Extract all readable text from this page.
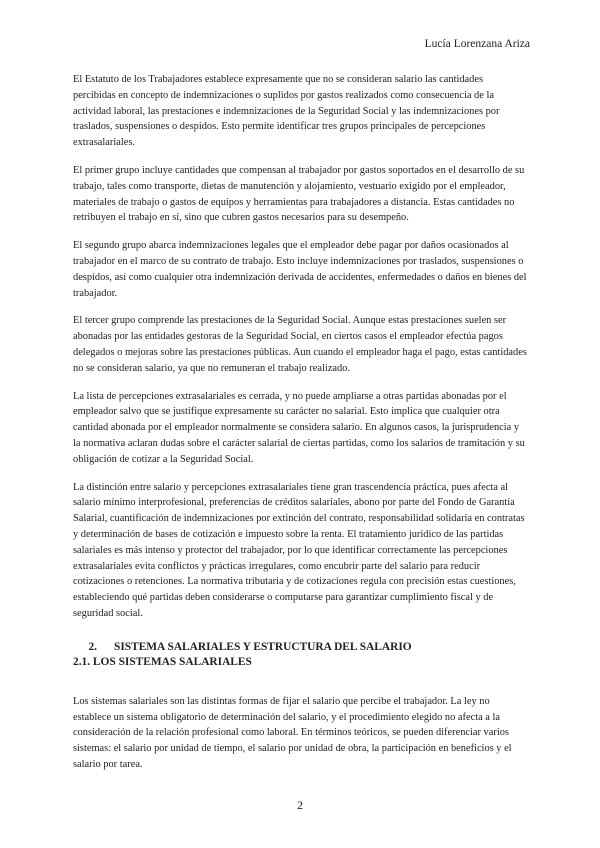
Lucía Lorenzana Ariza

El Estatuto de los Trabajadores establece expresamente que no se consideran salario las cantidades percibidas en concepto de indemnizaciones o suplidos por gastos realizados como consecuencia de la actividad laboral, las prestaciones e indemnizaciones de la Seguridad Social y las indemnizaciones por traslados, suspensiones o despidos. Esto permite identificar tres grupos principales de percepciones extrasalariales.

El primer grupo incluye cantidades que compensan al trabajador por gastos soportados en el desarrollo de su trabajo, tales como transporte, dietas de manutención y alojamiento, vestuario exigido por el empleador, materiales de trabajo o gastos de equipos y herramientas para trabajadores a distancia. Estas cantidades no retribuyen el trabajo en sí, sino que cubren gastos necesarios para su desempeño.

El segundo grupo abarca indemnizaciones legales que el empleador debe pagar por daños ocasionados al trabajador en el marco de su contrato de trabajo. Esto incluye indemnizaciones por traslados, suspensiones o despidos, así como cualquier otra indemnización derivada de accidentes, enfermedades o daños en bienes del trabajador.

El tercer grupo comprende las prestaciones de la Seguridad Social. Aunque estas prestaciones suelen ser abonadas por las entidades gestoras de la Seguridad Social, en ciertos casos el empleador efectúa pagos delegados o mejoras sobre las prestaciones públicas. Aun cuando el empleador haga el pago, estas cantidades no se consideran salario, ya que no remuneran el trabajo realizado.

La lista de percepciones extrasalariales es cerrada, y no puede ampliarse a otras partidas abonadas por el empleador salvo que se justifique expresamente su carácter no salarial. Esto implica que cualquier otra cantidad abonada por el empleador normalmente se considera salario. En algunos casos, la jurisprudencia y la normativa aclaran dudas sobre el carácter salarial de ciertas partidas, como los salarios de tramitación y su obligación de cotizar a la Seguridad Social.

La distinción entre salario y percepciones extrasalariales tiene gran trascendencia práctica, pues afecta al salario mínimo interprofesional, preferencias de créditos salariales, abono por parte del Fondo de Garantía Salarial, cuantificación de indemnizaciones por extinción del contrato, responsabilidad solidaria en contratas y determinación de bases de cotización e impuesto sobre la renta. El tratamiento jurídico de las partidas salariales es más intenso y protector del trabajador, por lo que identificar correctamente las percepciones extrasalariales evita conflictos y prácticas irregulares, como encubrir parte del salario para reducir cotizaciones o retenciones. La normativa tributaria y de cotizaciones regula con precisión estas cuestiones, estableciendo qué partidas deben considerarse o computarse para garantizar cumplimiento fiscal y de seguridad social.

2. SISTEMA SALARIALES Y ESTRUCTURA DEL SALARIO
2.1. LOS SISTEMAS SALARIALES

Los sistemas salariales son las distintas formas de fijar el salario que percibe el trabajador. La ley no establece un sistema obligatorio de determinación del salario, y el procedimiento elegido no afecta a la consideración de la relación profesional como laboral. En términos teóricos, se pueden diferenciar varios sistemas: el salario por unidad de tiempo, el salario por unidad de obra, la participación en beneficios y el salario por tarea.

2
